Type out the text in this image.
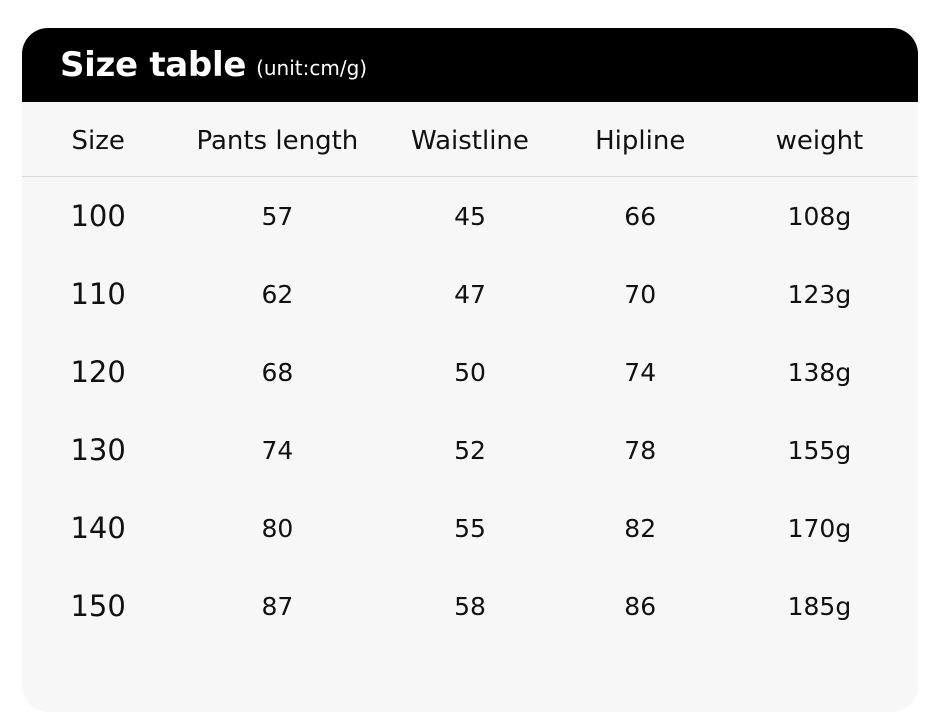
Size table (unit:cm/g)
Size	Pants length	Waistline	Hipline	weight
100	57	45	66	108g
110	62	47	70	123g
120	68	50	74	138g
130	74	52	78	155g
140	80	55	82	170g
150	87	58	86	185g
